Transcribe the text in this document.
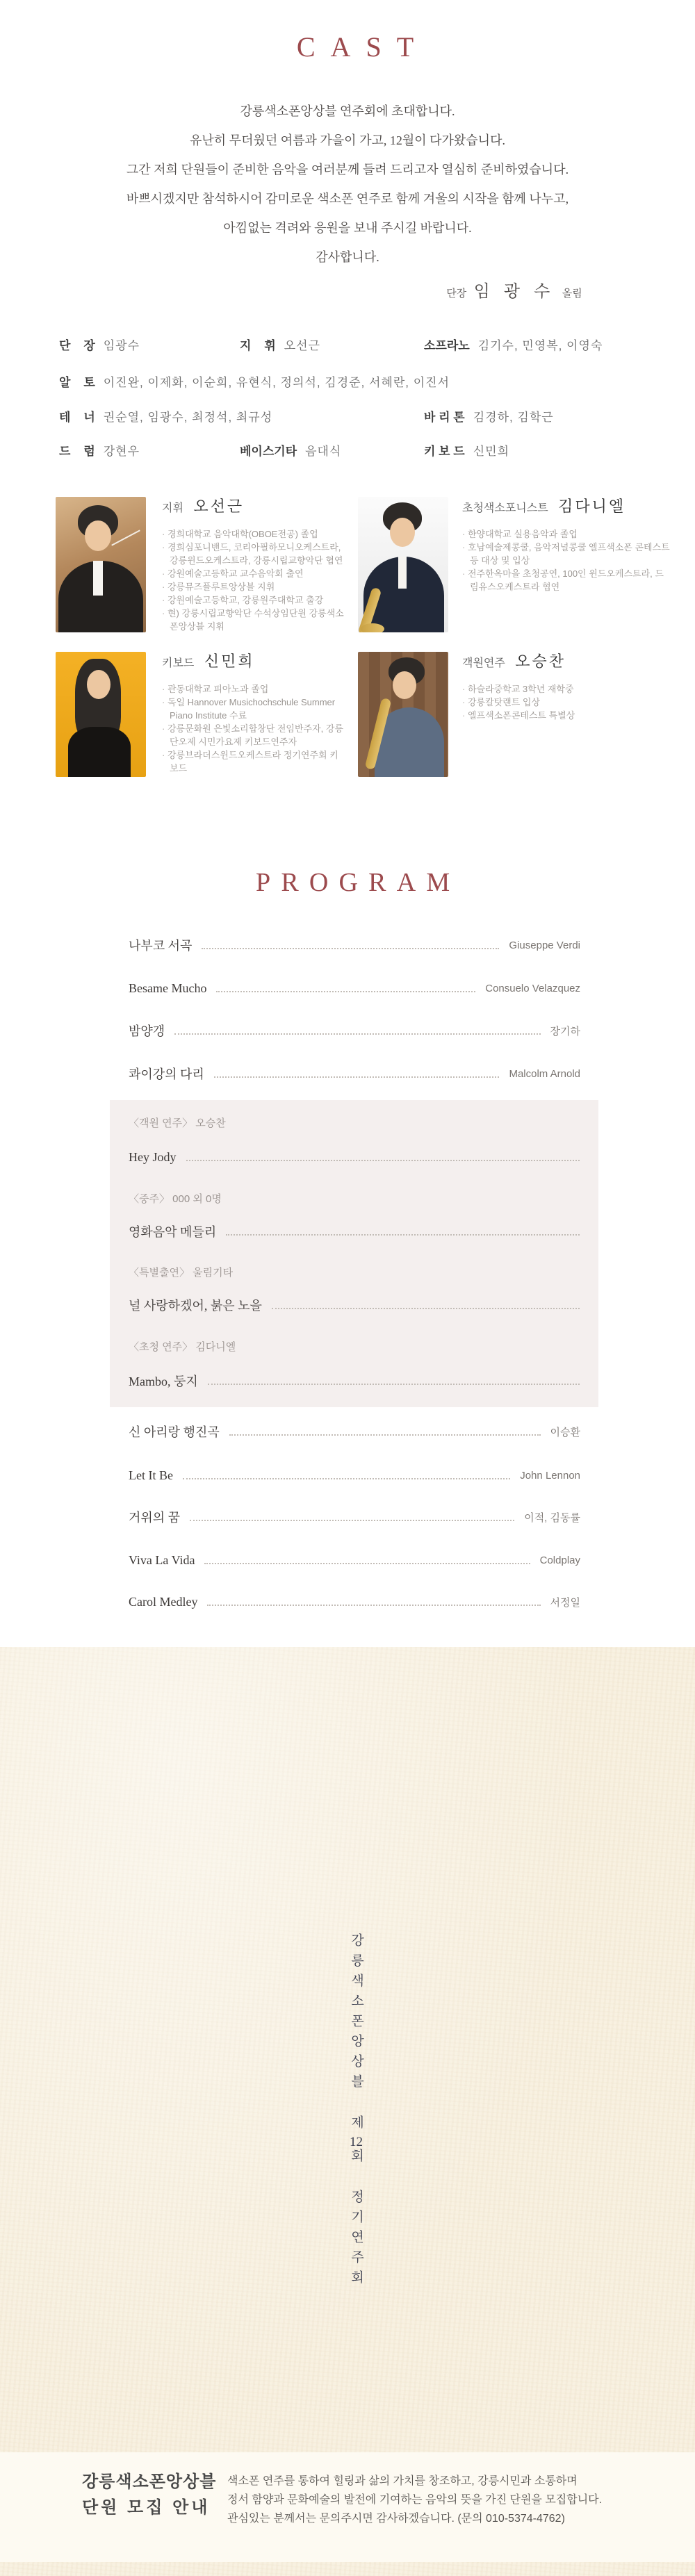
CAST

강릉색소폰앙상블 연주회에 초대합니다.

유난히 무더웠던 여름과 가을이 가고, 12월이 다가왔습니다.

그간 저희 단원들이 준비한 음악을 여러분께 들려 드리고자 열심히 준비하였습니다.

바쁘시겠지만 참석하시어 감미로운 색소폰 연주로 함께 겨울의 시작을 함께 나누고,

아낌없는 격려와 응원을 보내 주시길 바랍니다.

감사합니다.

단장 임 광 수 올림
단    장 임광수	지    휘 오선근	소프라노 김기수, 민영복, 이영숙
알    토 이진완, 이제화, 이순희, 유현식, 정의석, 김경준, 서혜란, 이진서
테    너 권순열, 임광수, 최정석, 최규성	바 리 톤 김경하, 김학근
드    럼 강현우	베이스기타 음대식	키 보 드 신민희

지휘 오선근

· 경희대학교 음악대학(OBOE전공) 졸업
· 경희심포니밴드, 코리아필하모니오케스트라, 강릉윈드오케스트라, 강릉시립교향악단 협연
· 강원예술고등학교 교수음악회 출연
· 강릉뮤즈플루트앙상블 지휘
· 강원예술고등학교, 강릉원주대학교 출강
· 현) 강릉시립교향악단 수석상임단원 강릉색소폰앙상블 지휘

초청색소포니스트 김다니엘

· 한양대학교 실용음악과 졸업
· 호남예술제콩쿨, 음악저널콩쿨 엘프색소폰 콘테스트 등 대상 및 입상
· 전주한옥마을 초청공연, 100인 윈드오케스트라, 드림유스오케스트라 협연

키보드 신민희

· 관동대학교 피아노과 졸업
· 독일 Hannover Musichochschule Summer Piano Institute 수료
· 강릉문화원 은빛소리합창단 전임반주자, 강릉단오제 시민가요제 키보드연주자
· 강릉브라더스윈드오케스트라 정기연주회 키보드

객원연주 오승찬

· 하슬라중학교 3학년 재학중
· 강릉칼탓랜트 입상
· 엘프색소폰콘테스트 특별상
PROGRAM
나부코 서곡	Giuseppe Verdi
Besame Mucho	Consuelo Velazquez
밤양갱	장기하
콰이강의 다리	Malcolm Arnold
〈객원 연주〉 오승찬
Hey Jody
〈중주〉 000 외 0명
영화음악 메들리
〈특별출연〉 울림기타
널 사랑하겠어, 붉은 노을
〈초청 연주〉 김다니엘
Mambo, 둥지
신 아리랑 행진곡	이승환
Let It Be	John Lennon
거위의 꿈	이적, 김동률
Viva La Vida	Coldplay
Carol Medley	서정일
강릉색소폰앙상블제12회정기연주회

강릉색소폰앙상블
단원 모집 안내

색소폰 연주를 통하여 힐링과 삶의 가치를 창조하고, 강릉시민과 소통하며
정서 함양과 문화예술의 발전에 기여하는 음악의 뜻을 가진 단원을 모집합니다.
관심있는 분께서는 문의주시면 감사하겠습니다. (문의 010-5374-4762)
